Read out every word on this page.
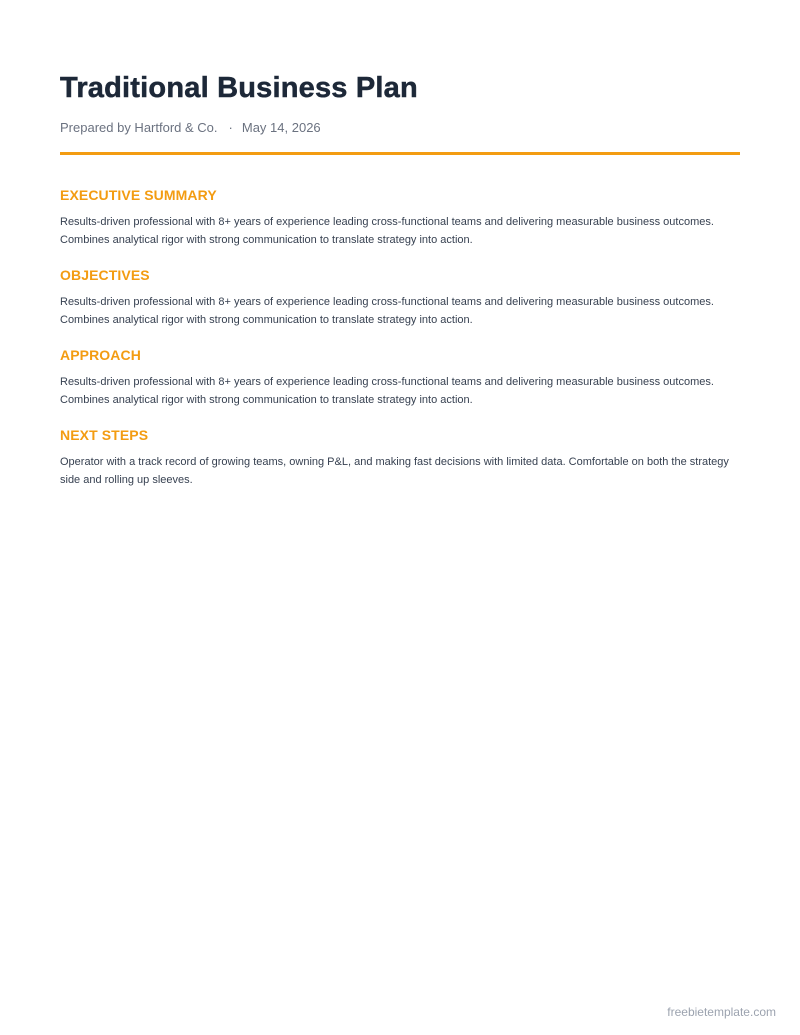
Traditional Business Plan
Prepared by Hartford & Co. · May 14, 2026
EXECUTIVE SUMMARY

Results-driven professional with 8+ years of experience leading cross-functional teams and delivering measurable business outcomes. Combines analytical rigor with strong communication to translate strategy into action.

OBJECTIVES

Results-driven professional with 8+ years of experience leading cross-functional teams and delivering measurable business outcomes. Combines analytical rigor with strong communication to translate strategy into action.

APPROACH

Results-driven professional with 8+ years of experience leading cross-functional teams and delivering measurable business outcomes. Combines analytical rigor with strong communication to translate strategy into action.

NEXT STEPS

Operator with a track record of growing teams, owning P&L, and making fast decisions with limited data. Comfortable on both the strategy side and rolling up sleeves.

freebietemplate.com
